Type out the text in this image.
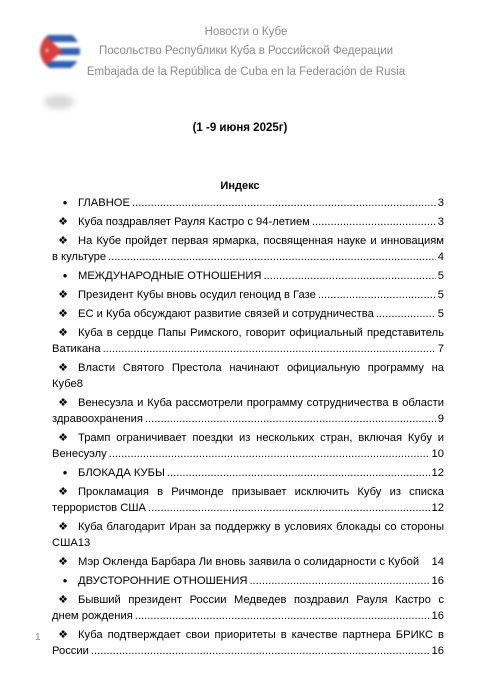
Новости о Кубе
Посольство Республики Куба в Российской Федерации
Embajada de la República de Cuba en la Federación de Rusia
(1 -9 июня 2025г)
Индекс
• ГЛАВНОЕ .....	3
❖ Куба поздравляет Рауля Кастро с 94-летием .....	3
❖ На Кубе пройдет первая ярмарка, посвященная науке и инновациям
в культуре .....	4
• МЕЖДУНАРОДНЫЕ ОТНОШЕНИЯ .....	5
❖ Президент Кубы вновь осудил геноцид в Газе .....	5
❖ ЕС и Куба обсуждают развитие связей и сотрудничества .....	5
❖ Куба в сердце Папы Римского, говорит официальный представитель
Ватикана .....	7
❖ Власти Святого Престола начинают официальную программу на
Кубе 8
❖ Венесуэла и Куба рассмотрели программу сотрудничества в области
здравоохранения .....	9
❖ Трамп ограничивает поездки из нескольких стран, включая Кубу и
Венесуэлу .....	10
• БЛОКАДА КУБЫ .....	12
❖ Прокламация в Ричмонде призывает исключить Кубу из списка
террористов США .....	12
❖ Куба благодарит Иран за поддержку в условиях блокады со стороны
США 13
❖ Мэр Окленда Барбара Ли вновь заявила о солидарности с Кубой 14
• ДВУСТОРОННИЕ ОТНОШЕНИЯ .....	16
❖ Бывший президент России Медведев поздравил Рауля Кастро с
днем рождения .....	16
❖ Куба подтверждает свои приоритеты в качестве партнера БРИКС в
России .....	16
1
